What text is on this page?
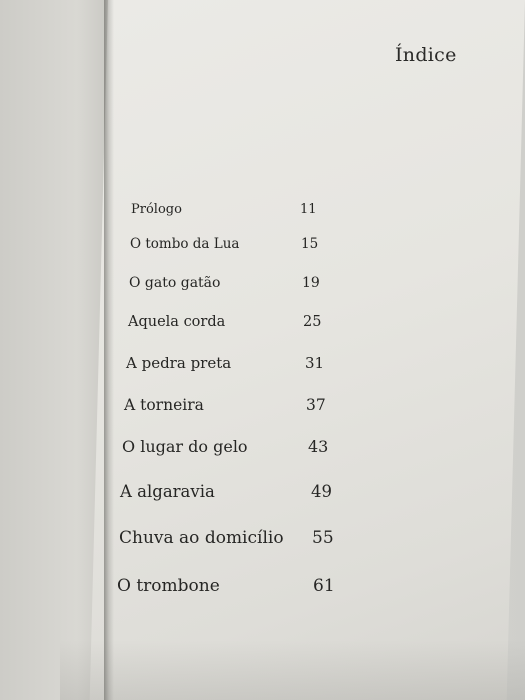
Índice
Prólogo	11
O tombo da Lua	15
O gato gatão	19
Aquela corda	25
A pedra preta	31
A torneira	37
O lugar do gelo	43
A algaravia	49
Chuva ao domicílio 55
O trombone	61
